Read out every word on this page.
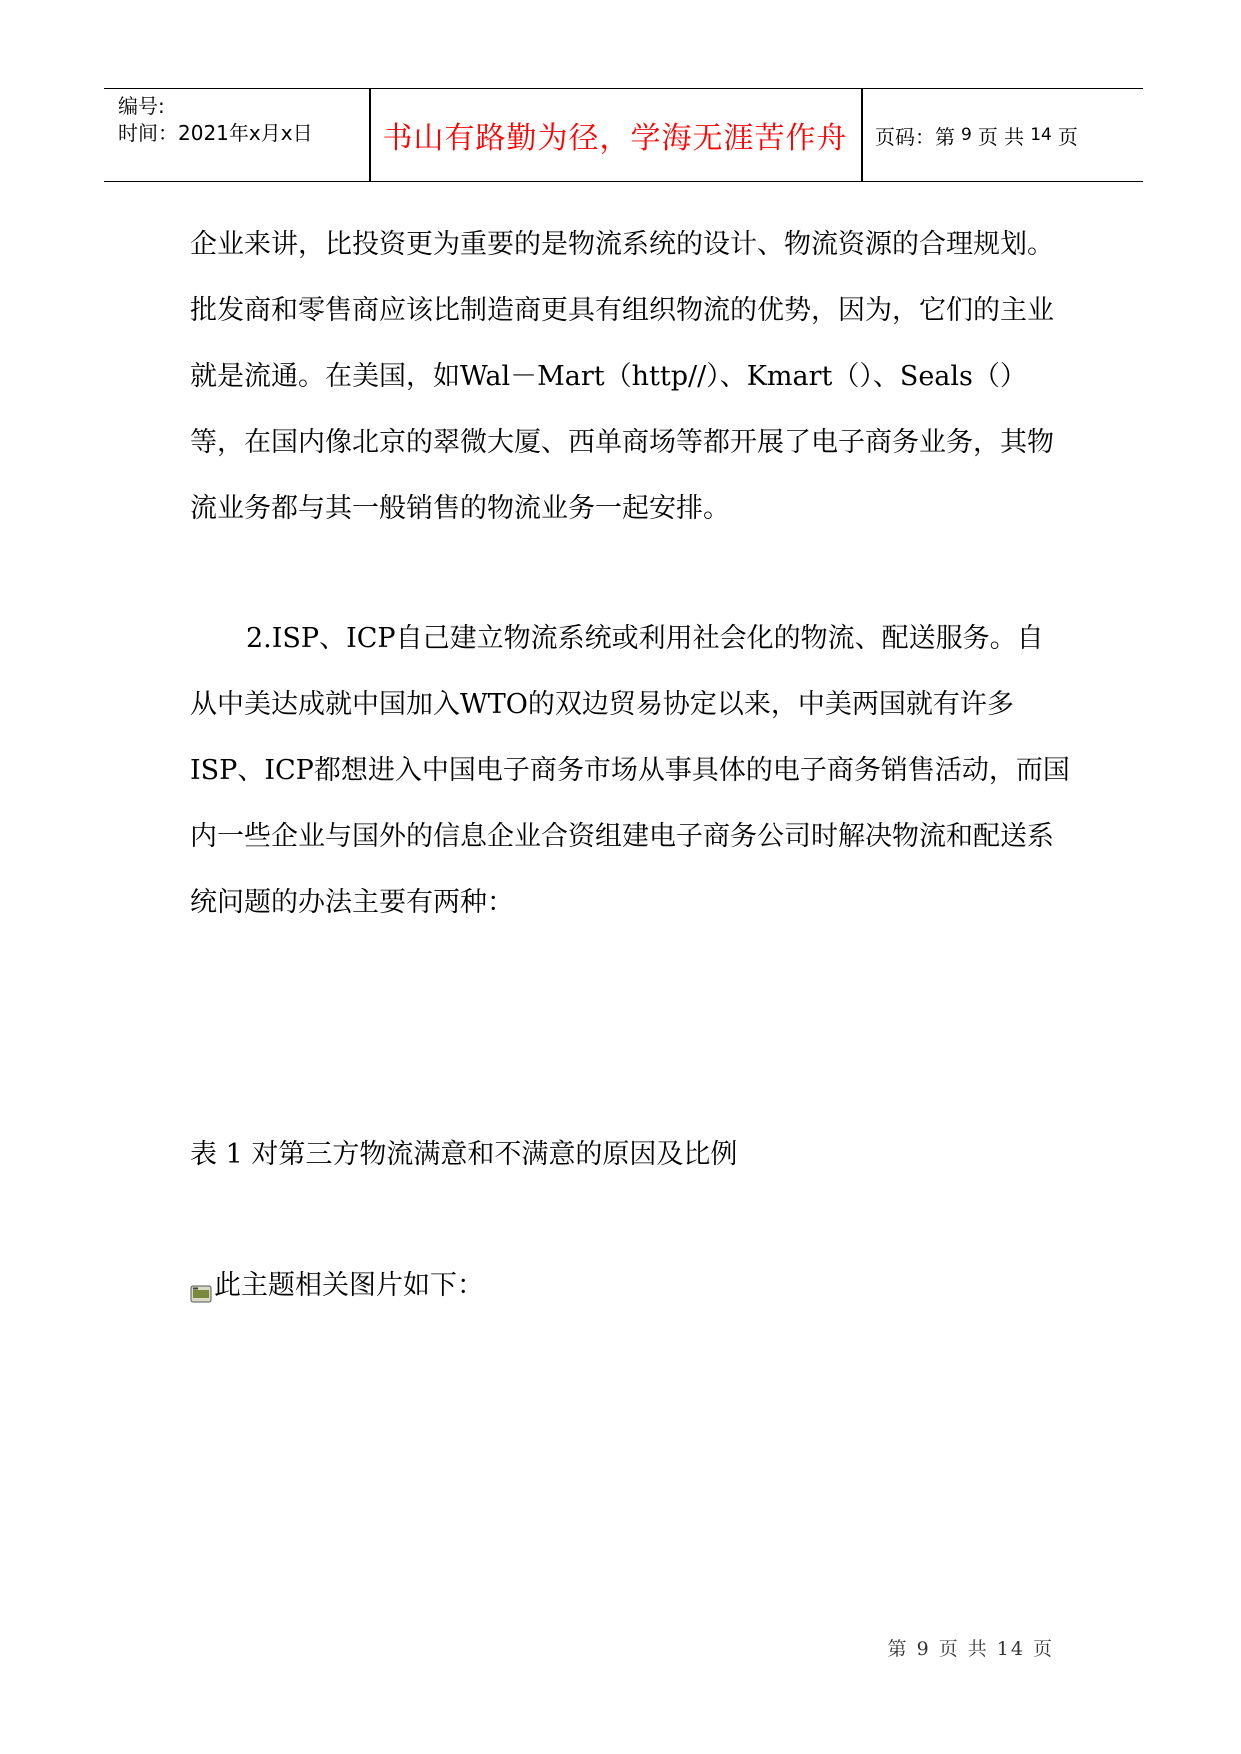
编号:
时间：2021年x月x日	书山有路勤为径，学海无涯苦作舟	页码：第 9 页 共 14 页

企业来讲，比投资更为重要的是物流系统的设计、物流资源的合理规划。批发商和零售商应该比制造商更具有组织物流的优势，因为，它们的主业就是流通。在美国，如Wal－Mart（http//）、Kmart（）、Seals（）等，在国内像北京的翠微大厦、西单商场等都开展了电子商务业务，其物流业务都与其一般销售的物流业务一起安排。

2.ISP、ICP自己建立物流系统或利用社会化的物流、配送服务。自从中美达成就中国加入WTO的双边贸易协定以来，中美两国就有许多ISP、ICP都想进入中国电子商务市场从事具体的电子商务销售活动，而国内一些企业与国外的信息企业合资组建电子商务公司时解决物流和配送系统问题的办法主要有两种：

表 1 对第三方物流满意和不满意的原因及比例
此主题相关图片如下：
第 9 页 共 14 页
